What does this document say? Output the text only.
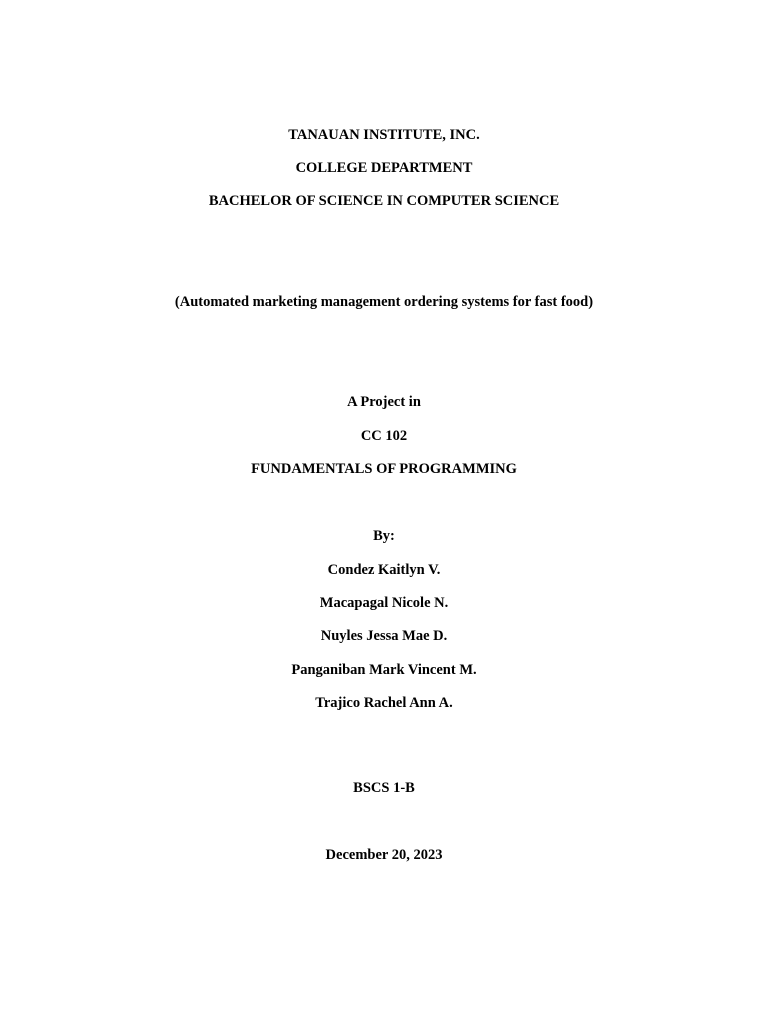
TANAUAN INSTITUTE, INC.
COLLEGE DEPARTMENT
BACHELOR OF SCIENCE IN COMPUTER SCIENCE
(Automated marketing management ordering systems for fast food)
A Project in
CC 102
FUNDAMENTALS OF PROGRAMMING
By:
Condez Kaitlyn V.
Macapagal Nicole N.
Nuyles Jessa Mae D.
Panganiban Mark Vincent M.
Trajico Rachel Ann A.
BSCS 1-B
December 20, 2023
